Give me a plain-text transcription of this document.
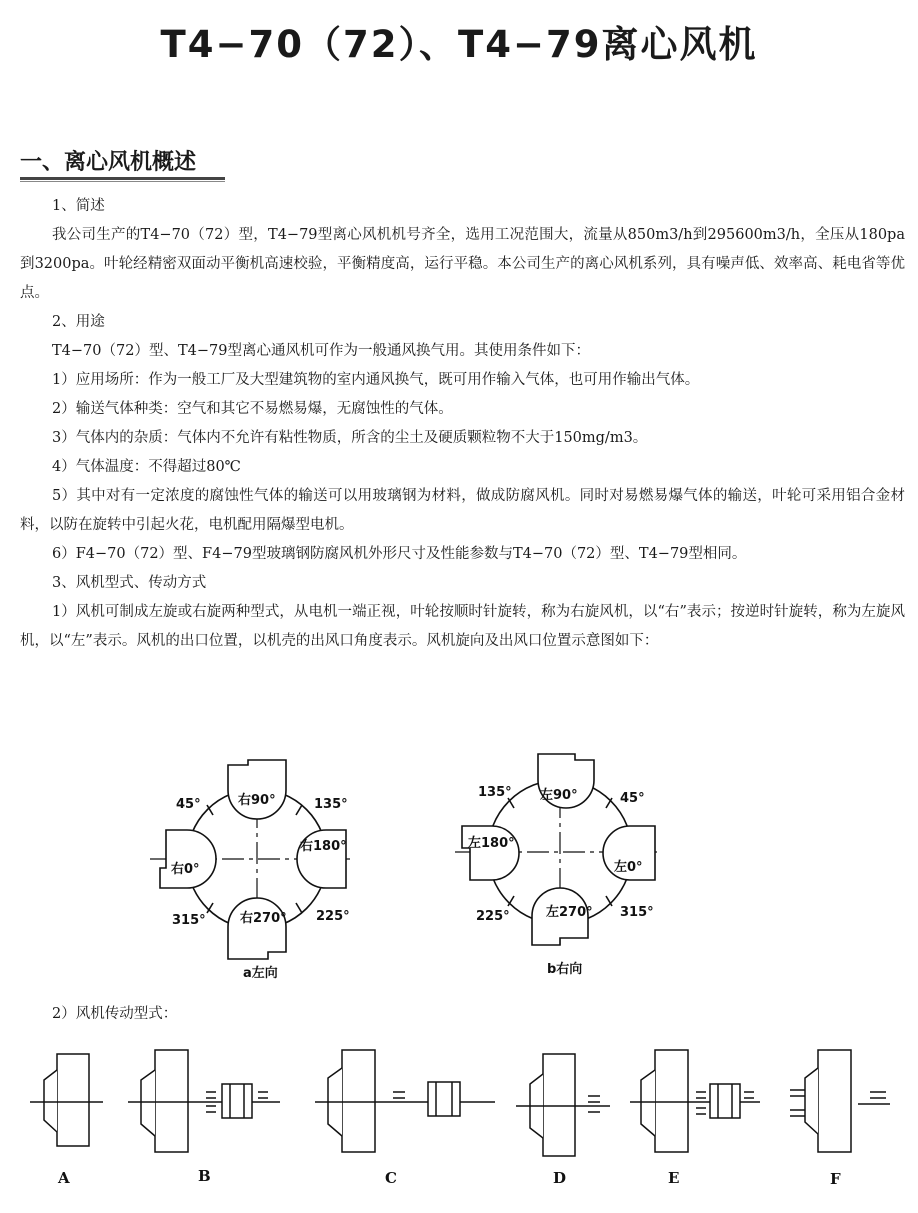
T4−70（72）、T4−79离心风机
一、离心风机概述

1、简述

我公司生产的T4−70（72）型，T4−79型离心风机机号齐全，选用工况范围大，流量从850m3/h到295600m3/h，全压从180pa到3200pa。叶轮经精密双面动平衡机高速校验，平衡精度高，运行平稳。本公司生产的离心风机系列，具有噪声低、效率高、耗电省等优点。

2、用途

T4−70（72）型、T4−79型离心通风机可作为一般通风换气用。其使用条件如下：

1）应用场所：作为一般工厂及大型建筑物的室内通风换气，既可用作输入气体，也可用作输出气体。

2）输送气体种类：空气和其它不易燃易爆，无腐蚀性的气体。

3）气体内的杂质：气体内不允许有粘性物质，所含的尘土及硬质颗粒物不大于150mg/m3。

4）气体温度：不得超过80℃

5）其中对有一定浓度的腐蚀性气体的输送可以用玻璃钢为材料，做成防腐风机。同时对易燃易爆气体的输送，叶轮可采用铝合金材料，以防在旋转中引起火花，电机配用隔爆型电机。

6）F4−70（72）型、F4−79型玻璃钢防腐风机外形尺寸及性能参数与T4−70（72）型、T4−79型相同。

3、风机型式、传动方式

1）风机可制成左旋或右旋两种型式，从电机一端正视，叶轮按顺时针旋转，称为右旋风机，以“右”表示；按逆时针旋转，称为左旋风机，以“左”表示。风机的出口位置，以机壳的出风口角度表示。风机旋向及出风口位置示意图如下：

右90°
右180°
右270°
右0°
45°	135°
315°	225°
a左向
左90°
左180°
左0°
左270°
135°	45°
225°	315°
b右向

2）风机传动型式：

A	B	C	D	E	F
